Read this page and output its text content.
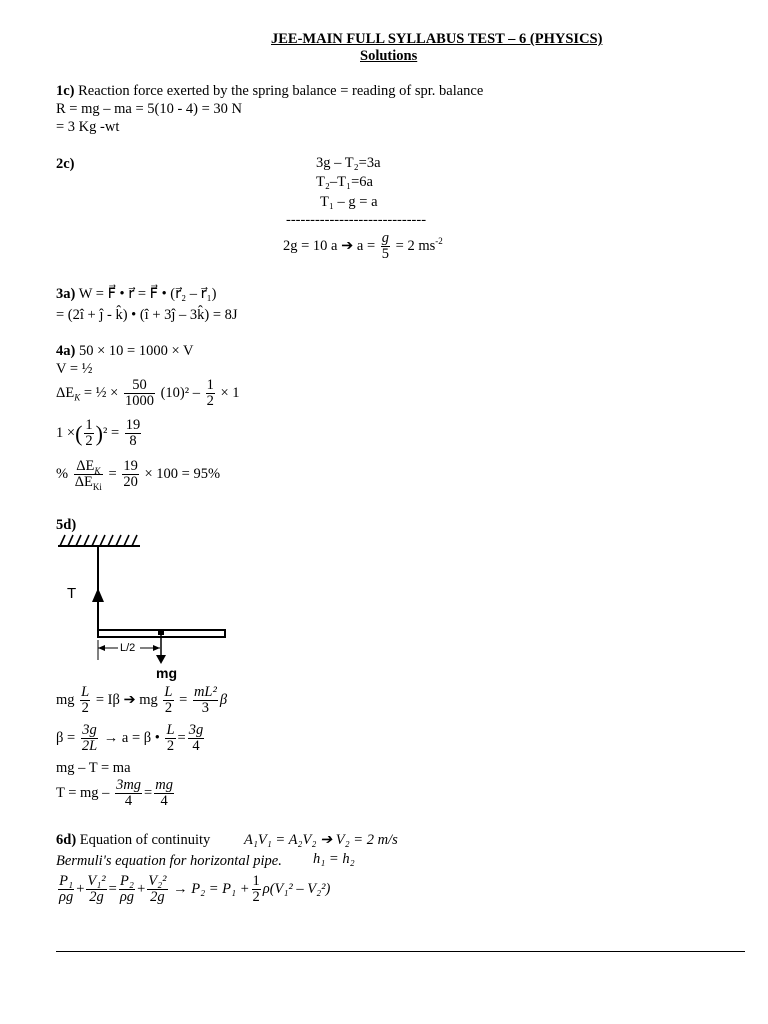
JEE-MAIN FULL SYLLABUS TEST – 6 (PHYSICS)
Solutions
1c) Reaction force exerted by the spring balance = reading of spr. balance
R = mg – ma = 5(10 - 4) = 30 N
= 3 Kg -wt
2c)	3g – T₂=3a
T₂–T₁=6a
T₁ – g = a
-----------------------------
2g = 10 a ➔ $a = \frac{g}{5} = 2$ $ms^{-2}$
3a) W = F⃗ • r⃗ = F⃗ • (r⃗₂ – r⃗₁)
= (2î + ĵ - k̂) • (î + 3ĵ – 3k̂) = 8J
4a) 50 × 10 = 1000 × V
V = ½
$\Delta E_K$ = ½ × $\frac{50}{1000} (10)^2 - \frac{1}{2} \times 1$
1 ×( $\frac{1}{2} )^2 = \frac{19}{8}$
% $\frac{\Delta E_K}{\Delta E_{Ki}} = \frac{19}{20} \times 100 = 95\%$
5d)
T
L/2
mg
mg $\frac{L}{2} = I\beta$ ➔ mg $\frac{L}{2} = \frac{\text{mL²}}{3}$ β
$\beta = \frac{3g}{2L} \to a = \beta$ • $\frac{L}{2} = \frac{3g}{4}$
mg – T = ma
T = mg – $\frac{3mg}{4} = \frac{mg}{4}$
6d) Equation of continuity A₁V₁ = A₂V₂ ➔ V₂ = 2 m/s
Bermuli's equation for horizontal pipe. h₁ = h₂
$\frac{\text{P₁}}{\rho g} + \frac{\text{V₁²}}{2g} = \frac{\text{P₂}}{\rho g} + \frac{\text{V₂²}}{2g} \to P_2 = P_1 + \frac{1}{2} \rho(V_1^2 - V_2^2)$
